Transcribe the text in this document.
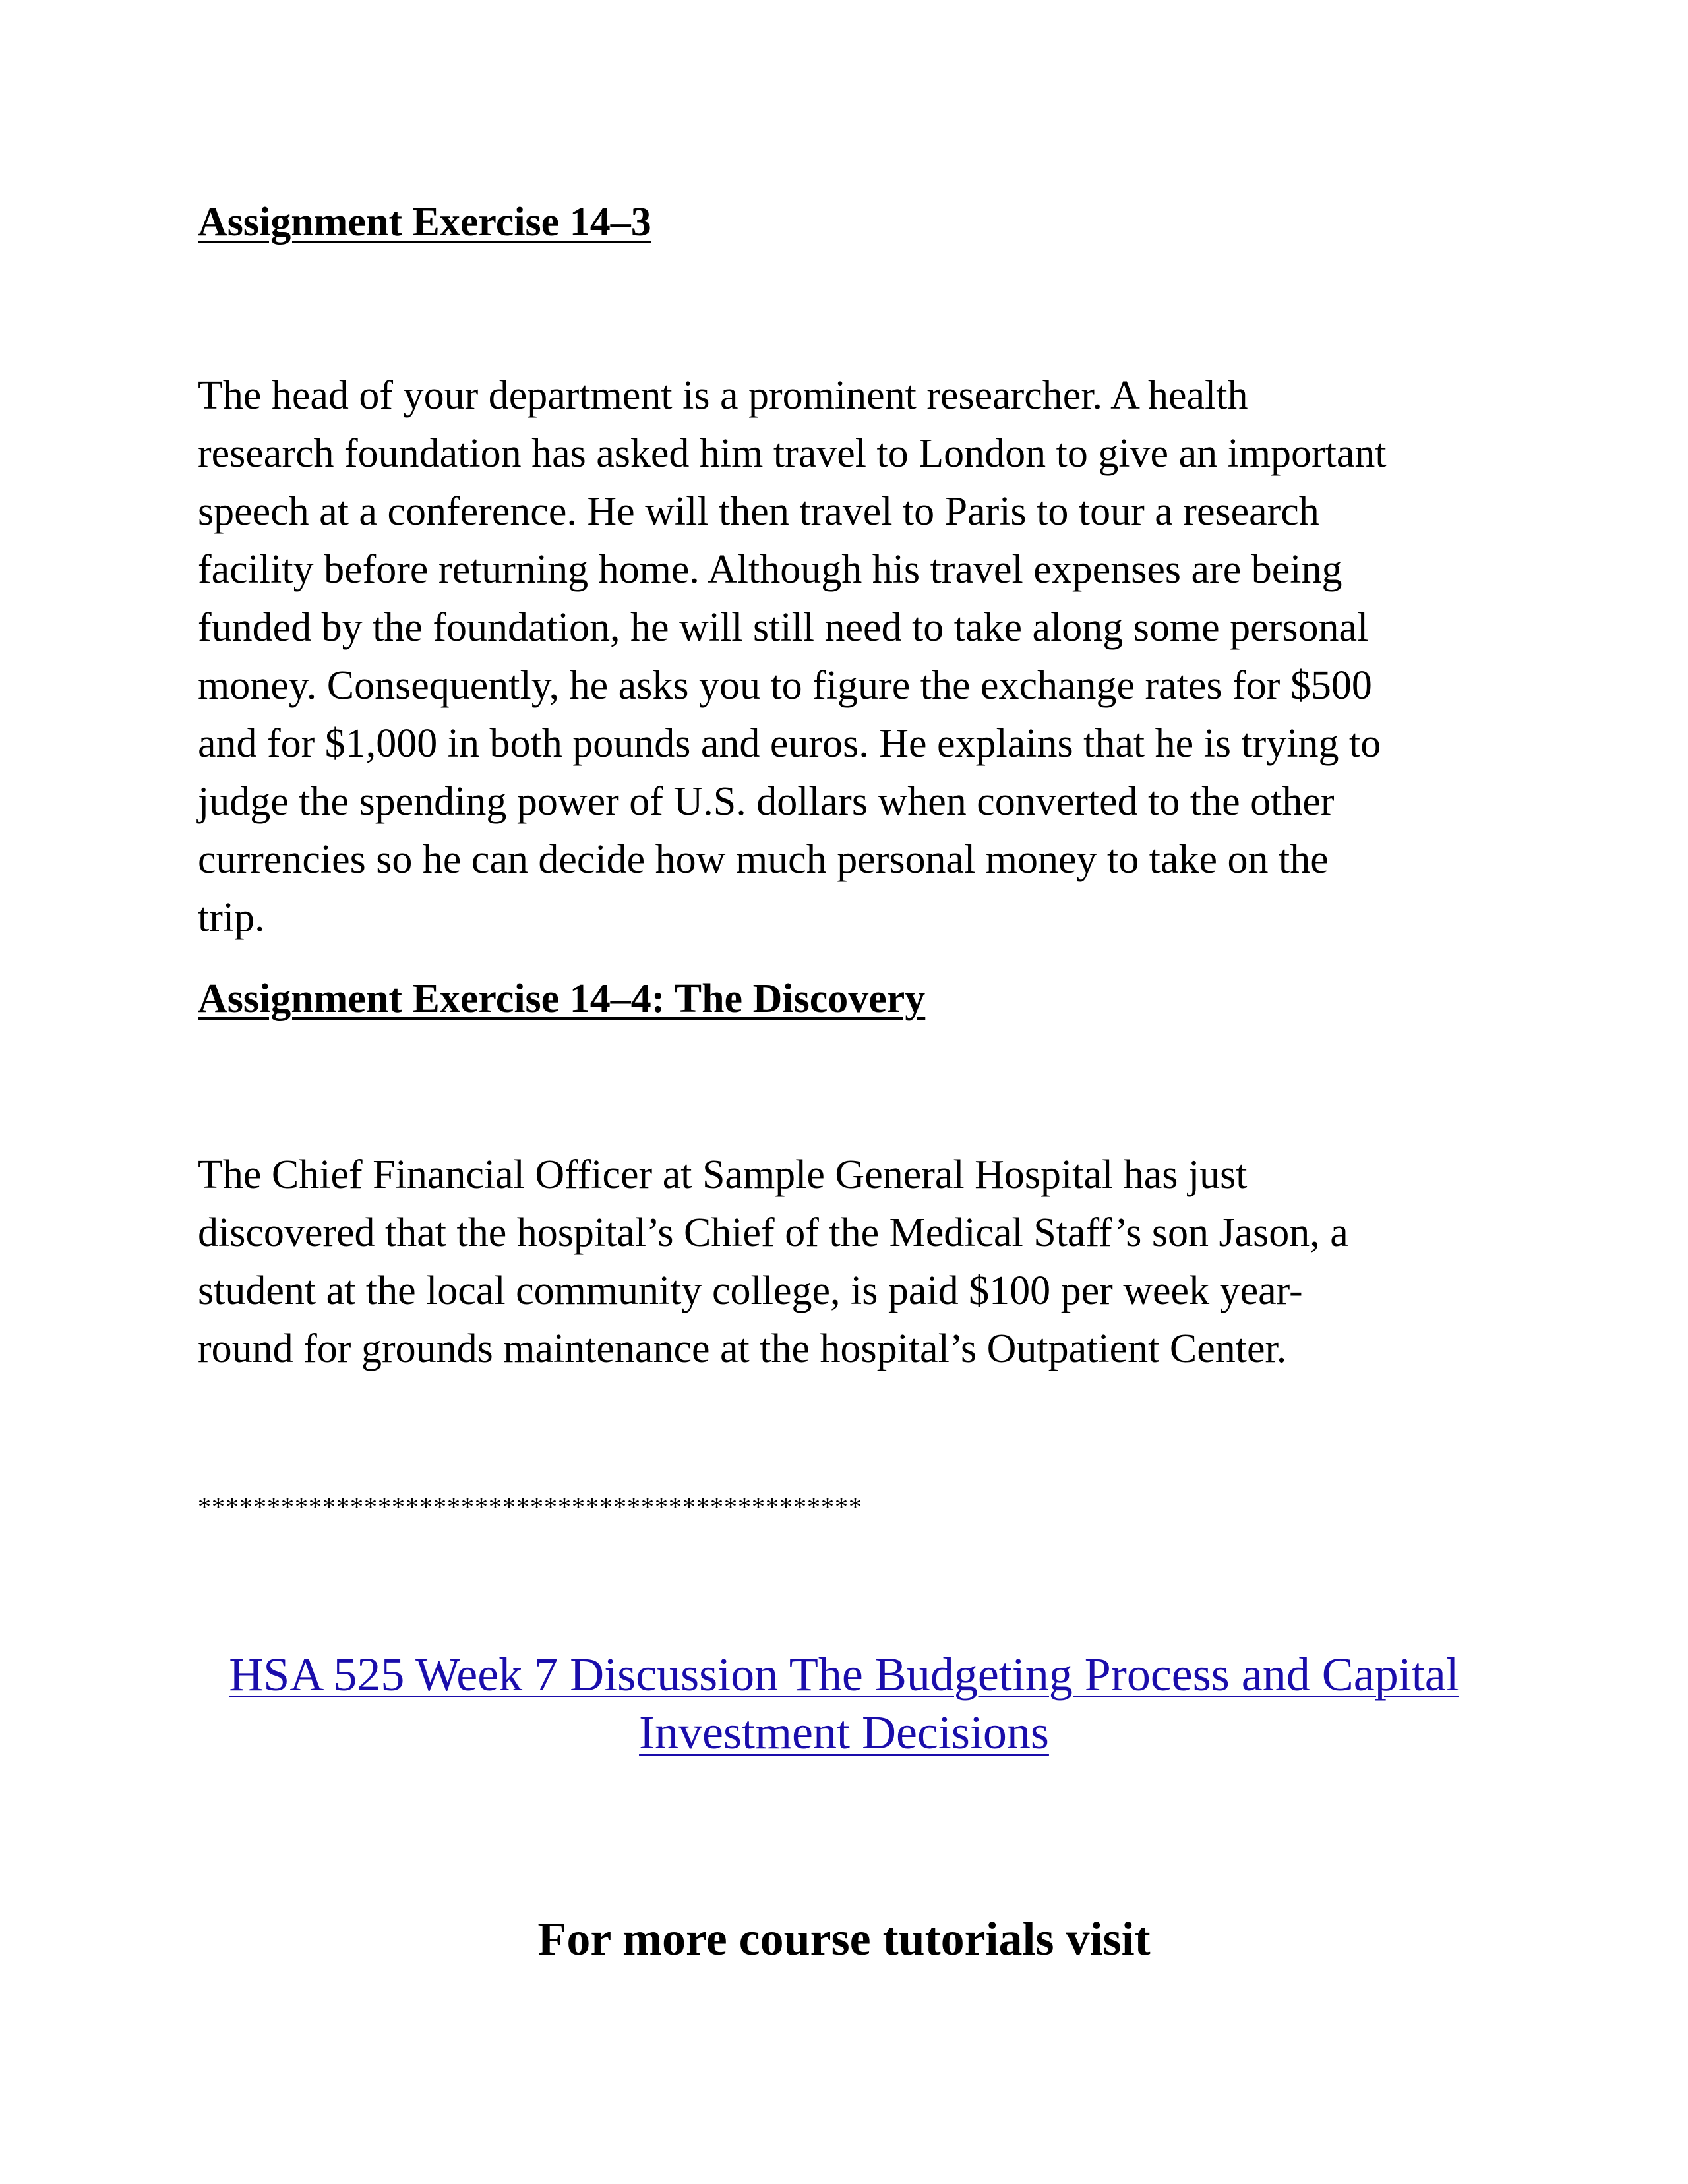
Assignment Exercise 14–3

The head of your department is a prominent researcher. A health
research foundation has asked him travel to London to give an important
speech at a conference. He will then travel to Paris to tour a research
facility before returning home. Although his travel expenses are being
funded by the foundation, he will still need to take along some personal
money. Consequently, he asks you to figure the exchange rates for $500
and for $1,000 in both pounds and euros. He explains that he is trying to
judge the spending power of U.S. dollars when converted to the other
currencies so he can decide how much personal money to take on the
trip.

Assignment Exercise 14–4: The Discovery

The Chief Financial Officer at Sample General Hospital has just
discovered that the hospital’s Chief of the Medical Staff’s son Jason, a
student at the local community college, is paid $100 per week year-
round for grounds maintenance at the hospital’s Outpatient Center.

************************************************

HSA 525 Week 7 Discussion The Budgeting Process and Capital
Investment Decisions

For more course tutorials visit
